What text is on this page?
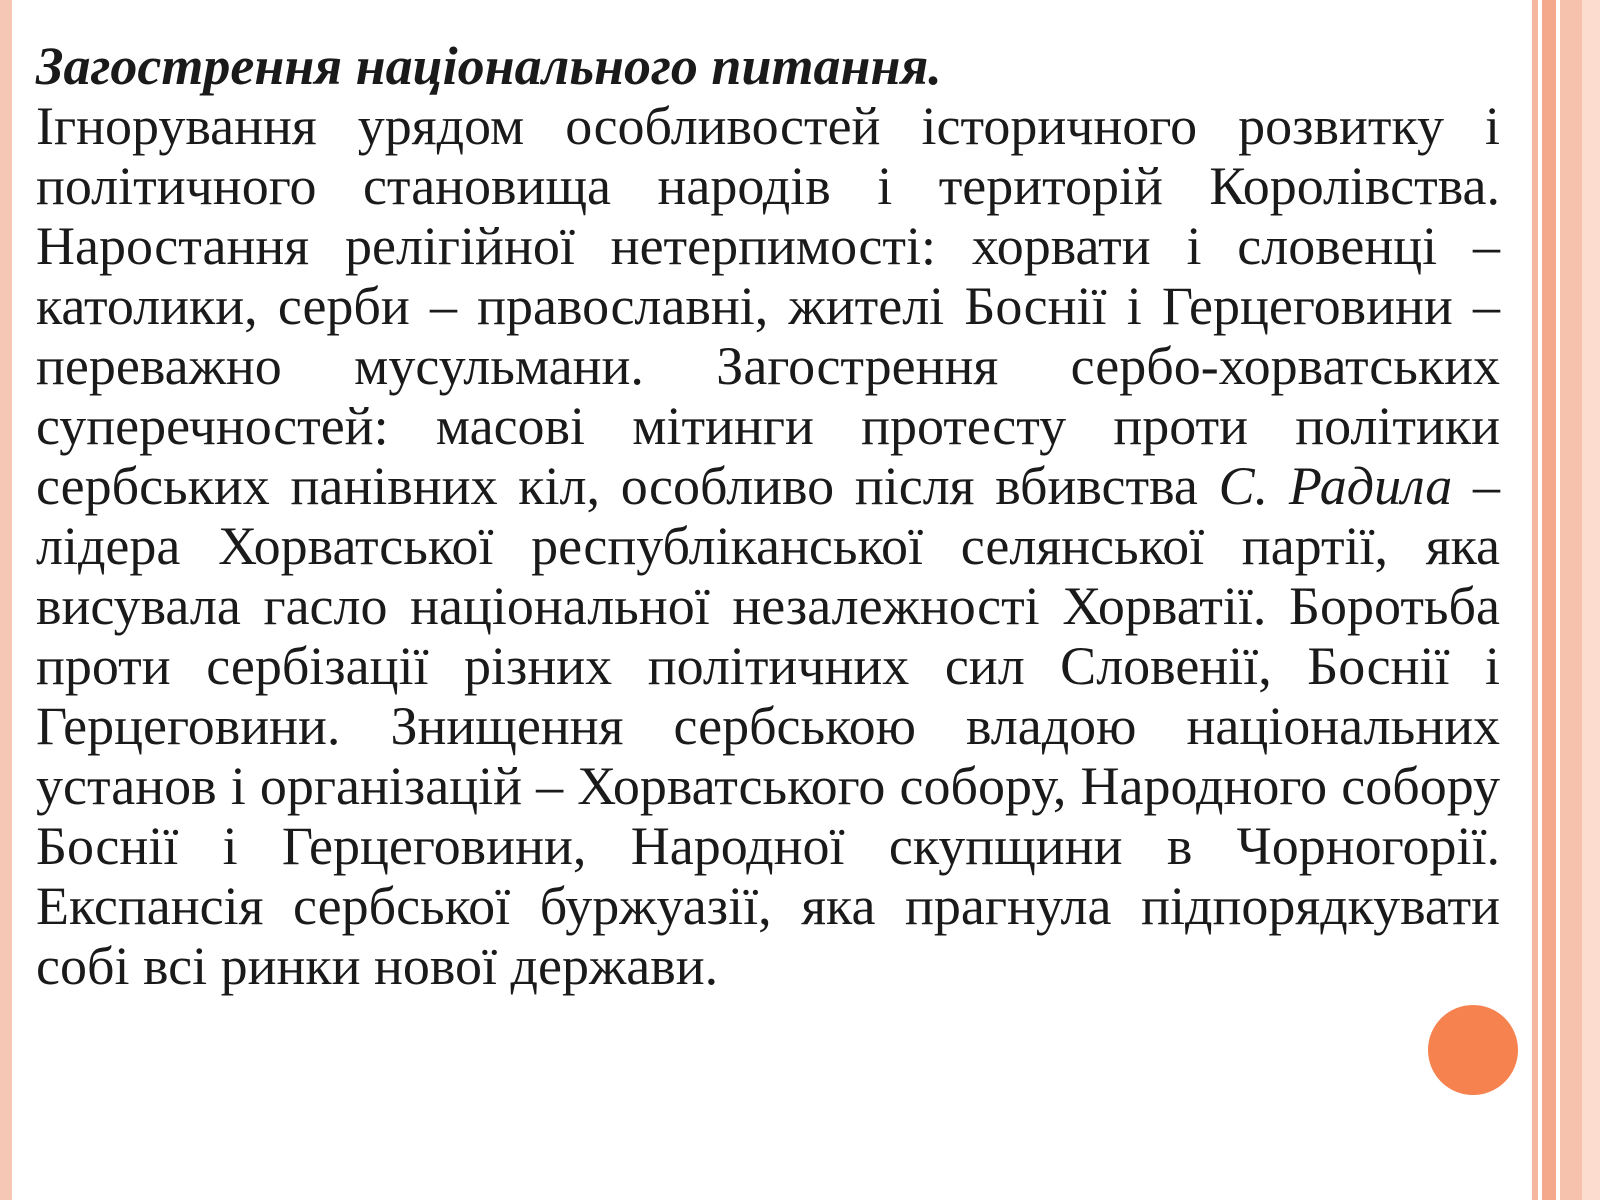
Загострення національного питання.

Ігнорування урядом особливостей історичного розвитку і політичного становища народів і територій Королівства. Наростання релігійної нетерпимості: хорвати і словенці – католики, серби – православні, жителі Боснії і Герцеговини – переважно мусульмани. Загострення сербо-хорватських суперечностей: масові мітинги протесту проти політики сербських панівних кіл, особливо після вбивства С. Радила – лідера Хорватської республіканської селянської партії, яка висувала гасло національної незалежності Хорватії. Боротьба проти сербізації різних політичних сил Словенії, Боснії і Герцеговини. Знищення сербською владою національних установ і організацій – Хорватського собору, Народного собору Боснії і Герцеговини, Народної скупщини в Чорногорії. Експансія сербської буржуазії, яка прагнула підпорядкувати собі всі ринки нової держави.
